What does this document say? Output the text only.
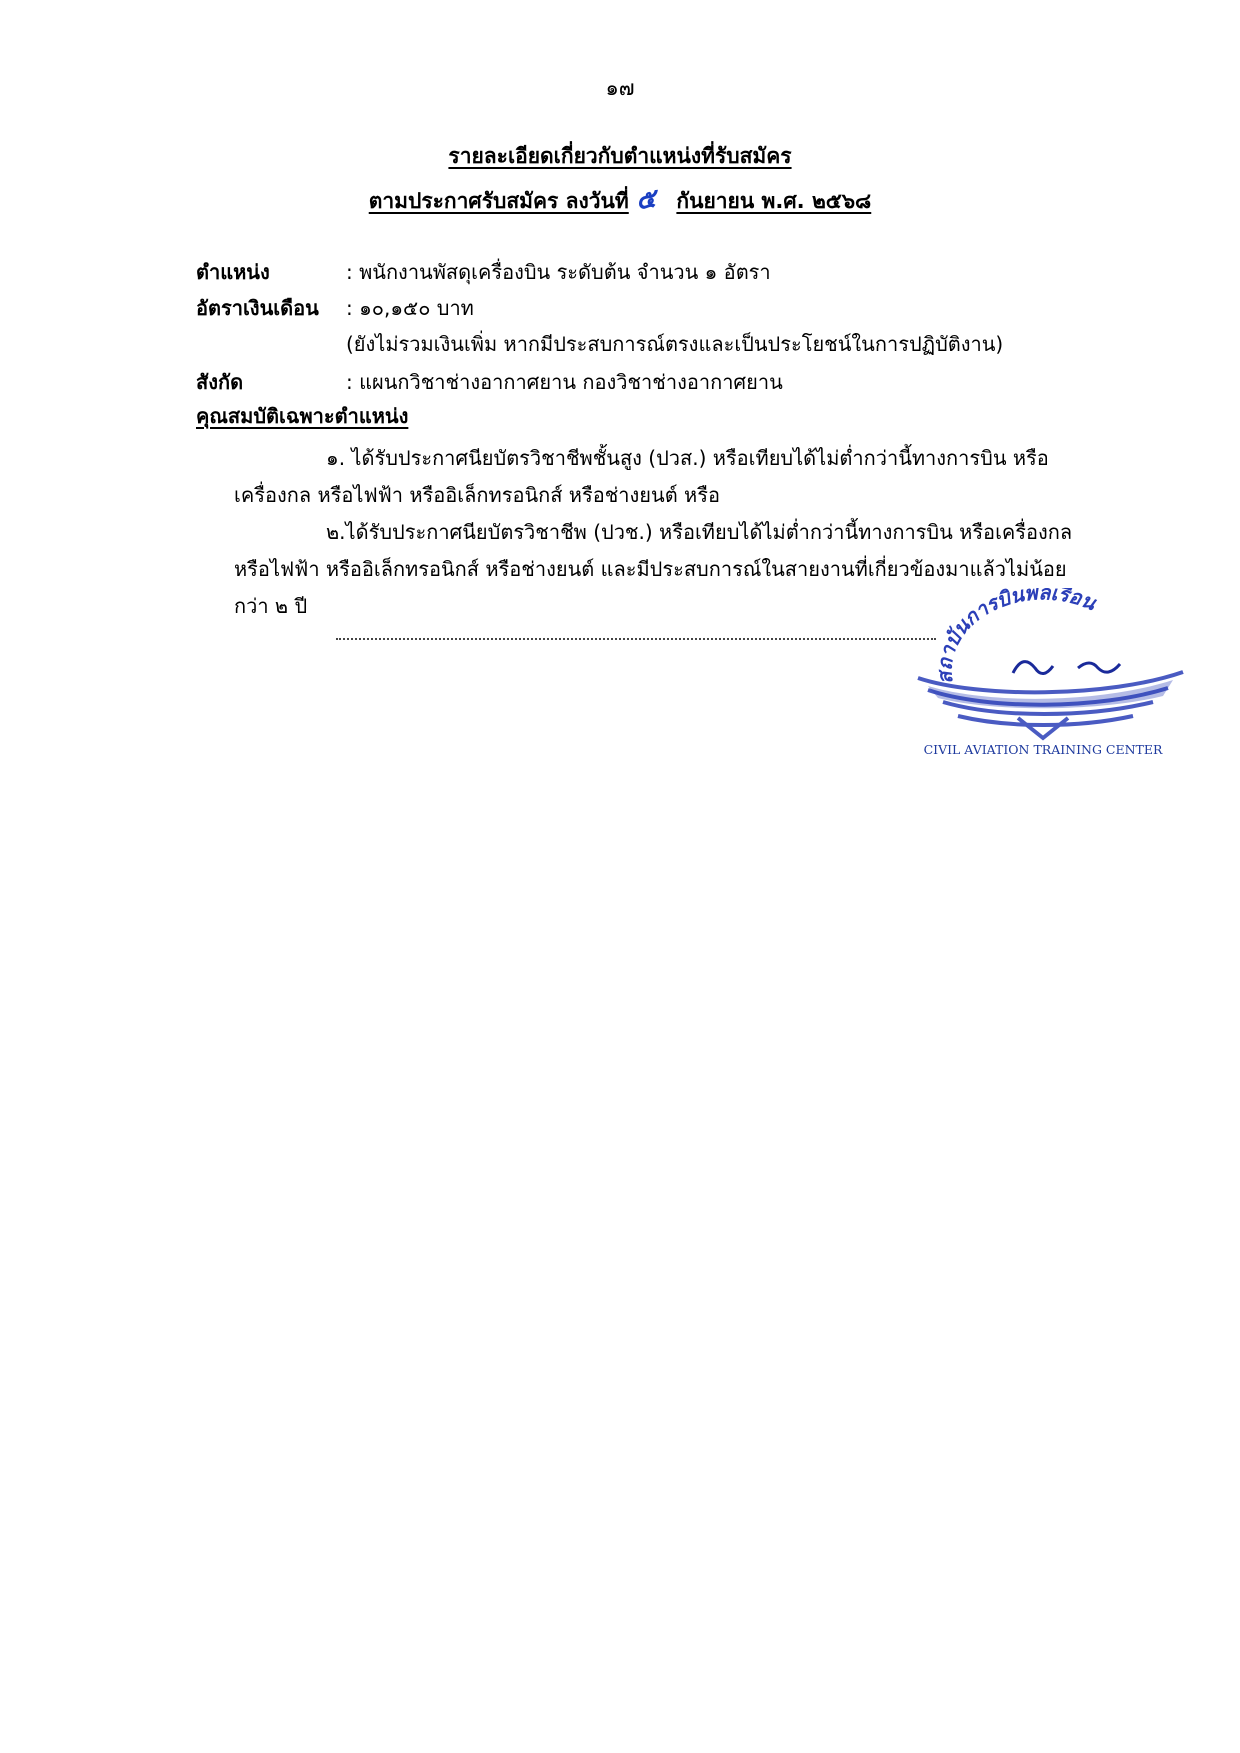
๑๗
รายละเอียดเกี่ยวกับตำแหน่งที่รับสมัคร
ตามประกาศรับสมัคร ลงวันที่ ๕ กันยายน พ.ศ. ๒๕๖๘
ตำแหน่ง	: พนักงานพัสดุเครื่องบิน ระดับต้น จำนวน ๑ อัตรา
อัตราเงินเดือน : ๑๐,๑๕๐ บาท
(ยังไม่รวมเงินเพิ่ม หากมีประสบการณ์ตรงและเป็นประโยชน์ในการปฏิบัติงาน)
สังกัด	: แผนกวิชาช่างอากาศยาน กองวิชาช่างอากาศยาน
คุณสมบัติเฉพาะตำแหน่ง
๑. ได้รับประกาศนียบัตรวิชาชีพชั้นสูง (ปวส.) หรือเทียบได้ไม่ต่ำกว่านี้ทางการบิน หรือ
เครื่องกล หรือไฟฟ้า หรืออิเล็กทรอนิกส์ หรือช่างยนต์ หรือ
๒.ได้รับประกาศนียบัตรวิชาชีพ (ปวช.) หรือเทียบได้ไม่ต่ำกว่านี้ทางการบิน หรือเครื่องกล
หรือไฟฟ้า หรืออิเล็กทรอนิกส์ หรือช่างยนต์ และมีประสบการณ์ในสายงานที่เกี่ยวข้องมาแล้วไม่น้อย
กว่า ๒ ปี
สถาบันการบินพลเรือน
CIVIL AVIATION TRAINING CENTER
